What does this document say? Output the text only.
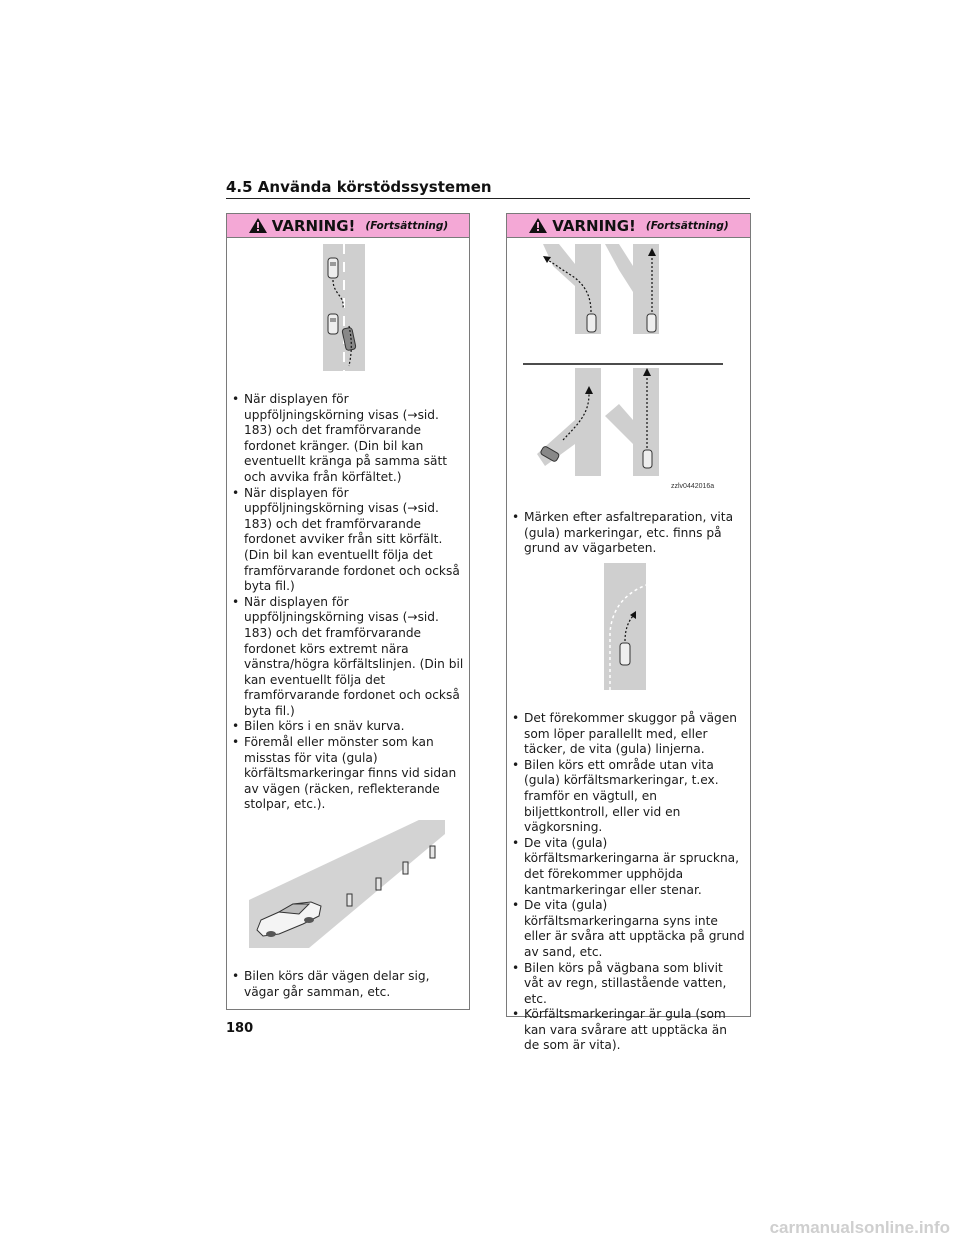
4.5 Använda körstödssystemen
VARNING! (Fortsättning)
• När displayen för uppföljningskörning visas (→sid. 183) och det framförvarande fordonet kränger. (Din bil kan eventuellt kränga på samma sätt och avvika från körfältet.)
• När displayen för uppföljningskörning visas (→sid. 183) och det framförvarande fordonet avviker från sitt körfält. (Din bil kan eventuellt följa det framförvarande fordonet och också byta fil.)
• När displayen för uppföljningskörning visas (→sid. 183) och det framförvarande fordonet körs extremt nära vänstra/högra körfältslinjen. (Din bil kan eventuellt följa det framförvarande fordonet och också byta fil.)
• Bilen körs i en snäv kurva.
• Föremål eller mönster som kan misstas för vita (gula) körfältsmarkeringar finns vid sidan av vägen (räcken, reflekterande stolpar, etc.).
• Bilen körs där vägen delar sig, vägar går samman, etc.
VARNING! (Fortsättning)
zzlv0442016a
• Märken efter asfaltreparation, vita (gula) markeringar, etc. finns på grund av vägarbeten.
• Det förekommer skuggor på vägen som löper parallellt med, eller täcker, de vita (gula) linjerna.
• Bilen körs ett område utan vita (gula) körfältsmarkeringar, t.ex. framför en vägtull, en biljettkontroll, eller vid en vägkorsning.
• De vita (gula) körfältsmarkeringarna är spruckna, det förekommer upphöjda kantmarkeringar eller stenar.
• De vita (gula) körfältsmarkeringarna syns inte eller är svåra att upptäcka på grund av sand, etc.
• Bilen körs på vägbana som blivit våt av regn, stillastående vatten, etc.
• Körfältsmarkeringar är gula (som kan vara svårare att upptäcka än de som är vita).
180
carmanualsonline.info
